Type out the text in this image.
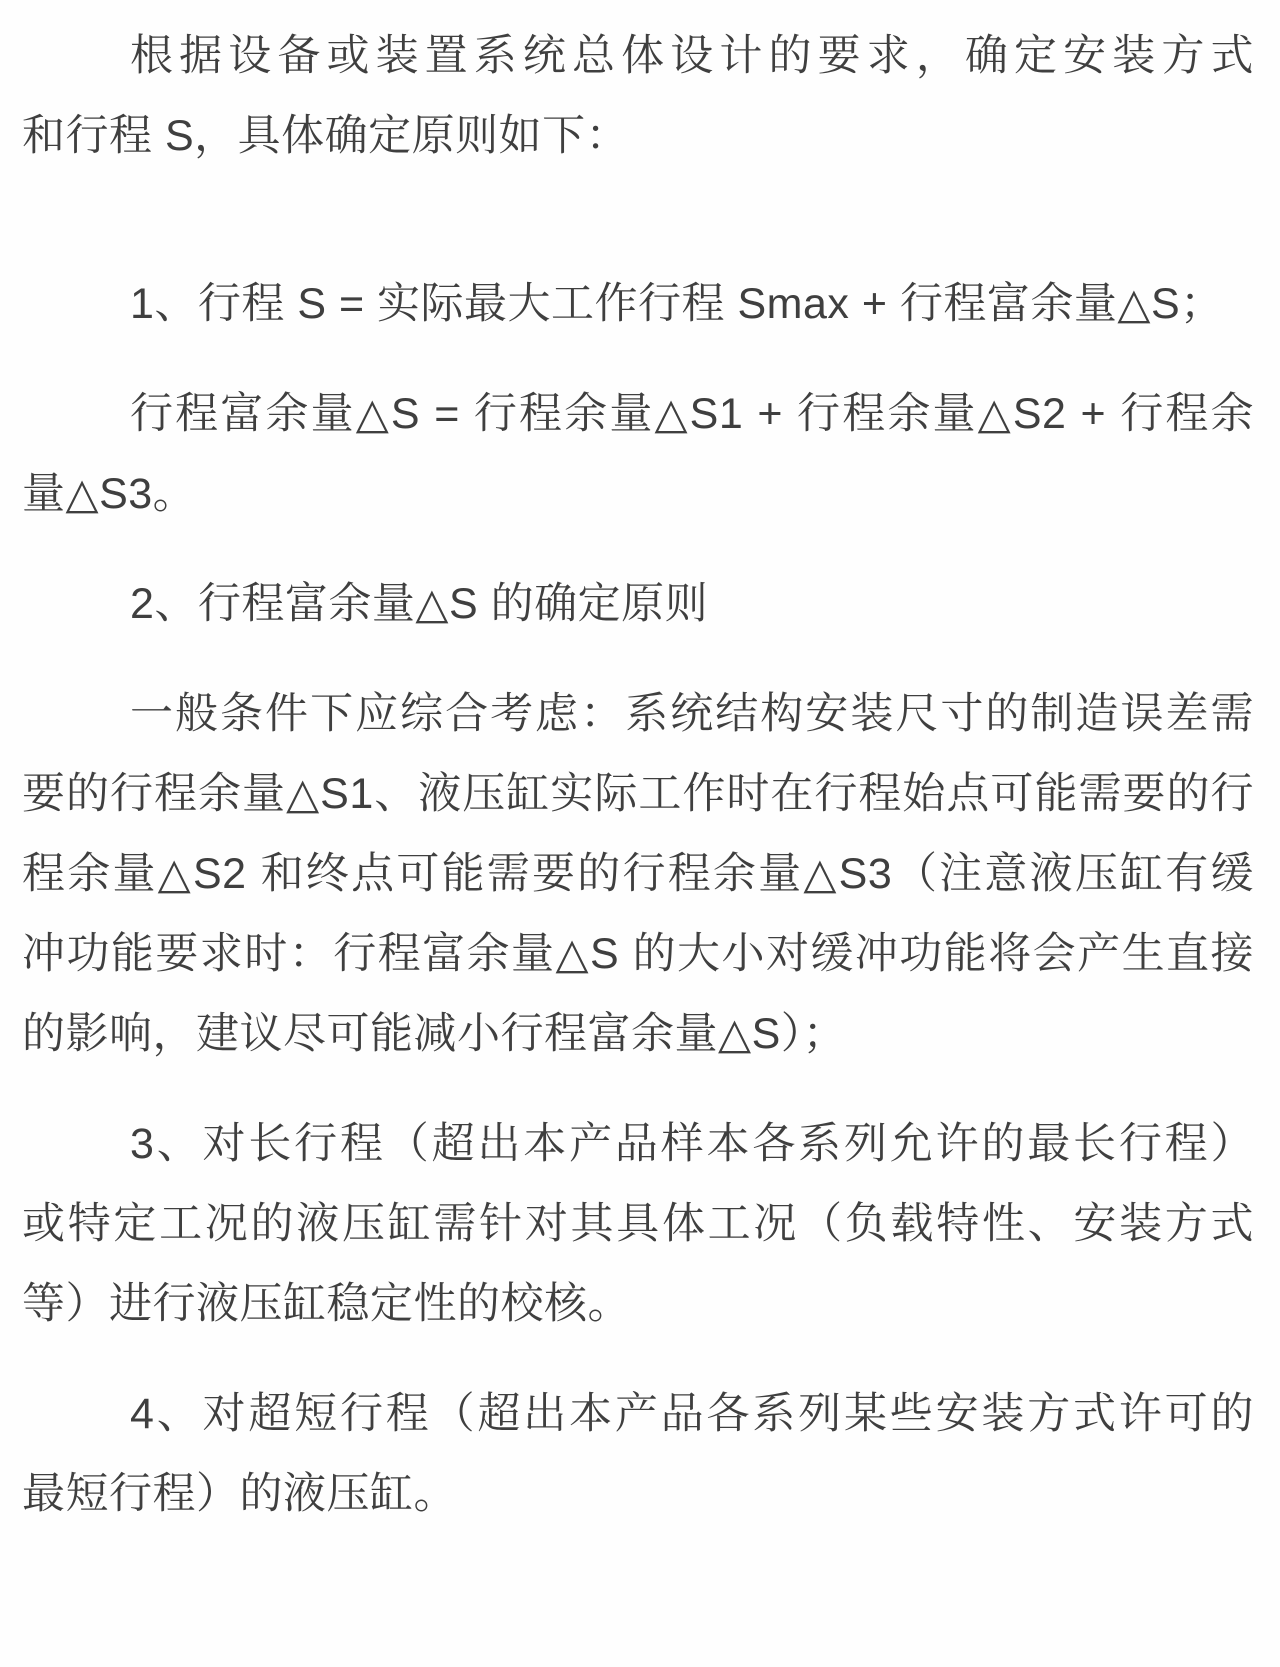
根据设备或装置系统总体设计的要求，确定安装方式
和行程 S，具体确定原则如下：
1、行程 S = 实际最大工作行程 Smax + 行程富余量△S；
行程富余量△S = 行程余量△S1 + 行程余量△S2 + 行程余
量△S3。
2、行程富余量△S 的确定原则
一般条件下应综合考虑：系统结构安装尺寸的制造误差需
要的行程余量△S1、液压缸实际工作时在行程始点可能需要的行
程余量△S2 和终点可能需要的行程余量△S3（注意液压缸有缓
冲功能要求时：行程富余量△S 的大小对缓冲功能将会产生直接
的影响，建议尽可能减小行程富余量△S）；
3、对长行程（超出本产品样本各系列允许的最长行程）
或特定工况的液压缸需针对其具体工况（负载特性、安装方式
等）进行液压缸稳定性的校核。
4、对超短行程（超出本产品各系列某些安装方式许可的
最短行程）的液压缸。
